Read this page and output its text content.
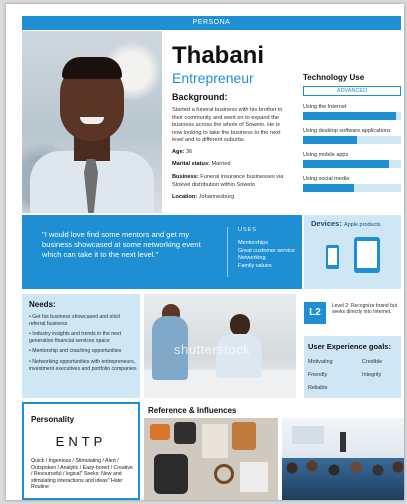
PERSONA
Thabani
Entrepreneur
Background:
Started a funeral business with his brother in their community and went on to expand the business across the whole of Soweto. He is now looking to take the business to the next level and to different suburbs.
Age: 36
Marital status: Married
Business: Funeral insurance businesses via Stokvel distribution within Soweto
Location: Johannesburg
Technology Use
ADVANCED
Using the Internet
Using desktop software applications
Using mobile apps
Using social media
"I would love find some mentors and get my business showcased at some networking event which can take it to the next level."
USES
Mentorships
Great customer service
Networking
Family values
Devices: Apple products
Needs:
• Get his business showcased and elicit referral business
• Industry insights and trends in the next generation financial services space
• Mentorship and coaching opportunities
• Networking opportunities with entrepreneurs, investment executives and portfolio companies
shutterstock
L2
Level 2: Recognize brand but seeks directly into Internet.
User Experience goals:
Motivating	Credible
Friendly	Integrity
Reliable
Personality
ENTP
Quick / Ingenious / Stimulating / Alert / Outspoken / Analytic / Easy-bored / Creative / Resourceful / logical" Seeks: New and stimulating interactions and ideas" Hate: Routine
Reference & Influences
